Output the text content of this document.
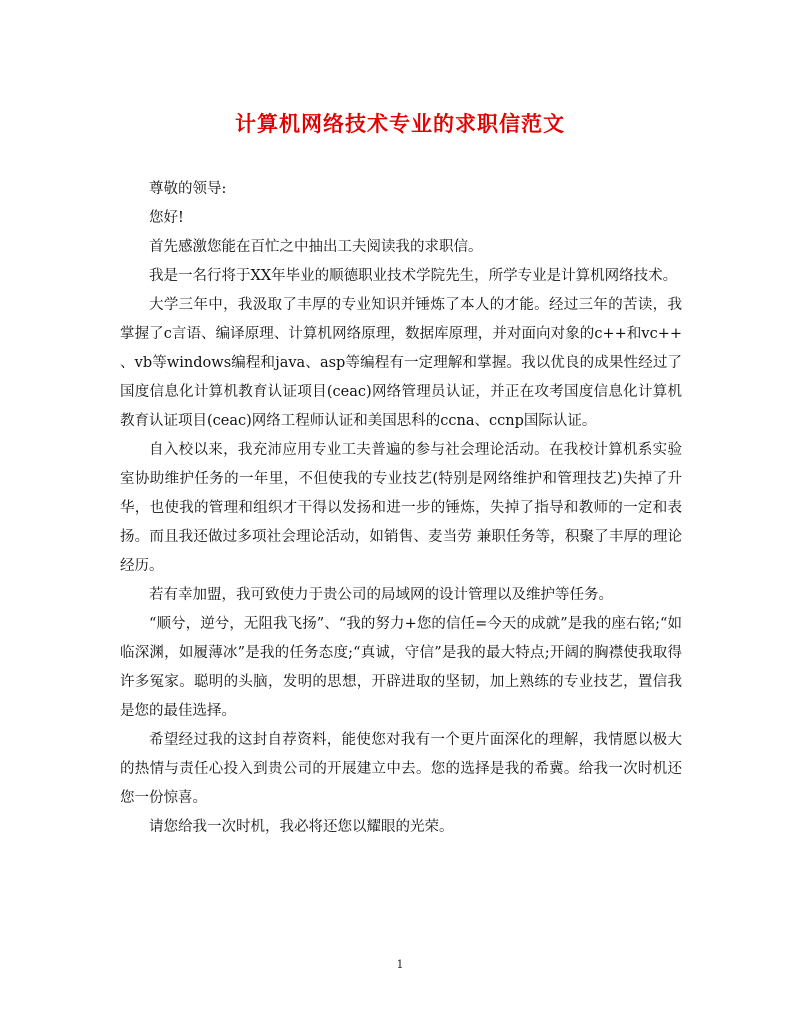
计算机网络技术专业的求职信范文

尊敬的领导:

您好!

首先感激您能在百忙之中抽出工夫阅读我的求职信。

我是一名行将于XX年毕业的顺德职业技术学院先生，所学专业是计算机网络技术。

大学三年中，我汲取了丰厚的专业知识并锤炼了本人的才能。经过三年的苦读，我掌握了c言语、编译原理、计算机网络原理，数据库原理，并对面向对象的c++和vc++ 、vb等windows编程和java、asp等编程有一定理解和掌握。我以优良的成果性经过了国度信息化计算机教育认证项目(ceac)网络管理员认证，并正在攻考国度信息化计算机教育认证项目(ceac)网络工程师认证和美国思科的ccna、ccnp国际认证。

自入校以来，我充沛应用专业工夫普遍的参与社会理论活动。在我校计算机系实验室协助维护任务的一年里，不但使我的专业技艺(特别是网络维护和管理技艺)失掉了升华，也使我的管理和组织才干得以发扬和进一步的锤炼，失掉了指导和教师的一定和表扬。而且我还做过多项社会理论活动，如销售、麦当劳 兼职任务等，积聚了丰厚的理论经历。

若有幸加盟，我可致使力于贵公司的局域网的设计管理以及维护等任务。

“顺兮，逆兮，无阻我飞扬”、“我的努力+您的信任=今天的成就”是我的座右铭;“如临深渊，如履薄冰”是我的任务态度;“真诚，守信”是我的最大特点;开阔的胸襟使我取得许多冤家。聪明的头脑，发明的思想，开辟进取的坚韧，加上熟练的专业技艺，置信我是您的最佳选择。

希望经过我的这封自荐资料，能使您对我有一个更片面深化的理解，我情愿以极大的热情与责任心投入到贵公司的开展建立中去。您的选择是我的希冀。给我一次时机还您一份惊喜。

请您给我一次时机，我必将还您以耀眼的光荣。

1
